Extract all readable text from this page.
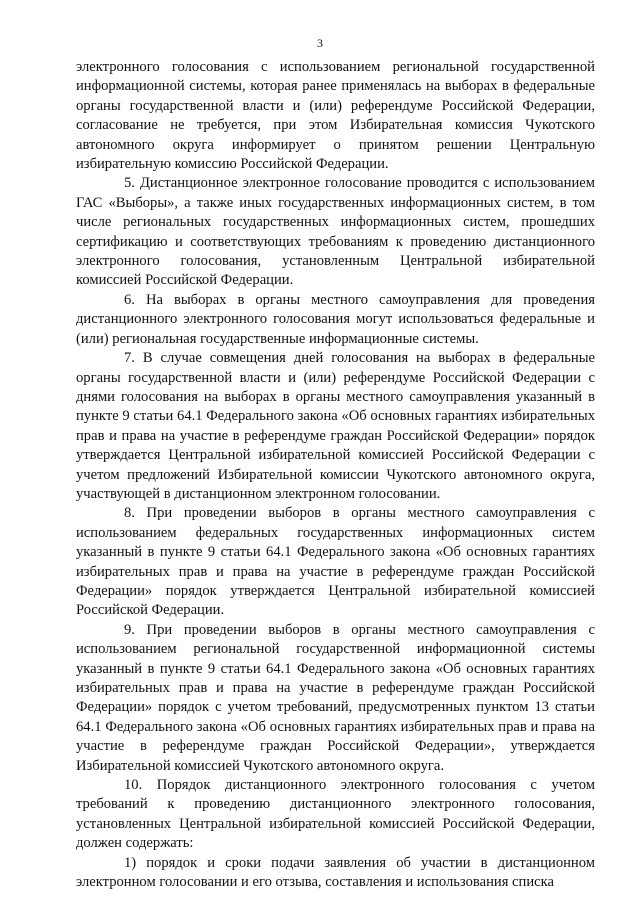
3

электронного голосования с использованием региональной государственной информационной системы, которая ранее применялась на выборах в федеральные органы государственной власти и (или) референдуме Российской Федерации, согласование не требуется, при этом Избирательная комиссия Чукотского автономного округа информирует о принятом решении Центральную избирательную комиссию Российской Федерации.

5. Дистанционное электронное голосование проводится с использованием ГАС «Выборы», а также иных государственных информационных систем, в том числе региональных государственных информационных систем, прошедших сертификацию и соответствующих требованиям к проведению дистанционного электронного голосования, установленным Центральной избирательной комиссией Российской Федерации.

6. На выборах в органы местного самоуправления для проведения дистанционного электронного голосования могут использоваться федеральные и (или) региональная государственные информационные системы.

7. В случае совмещения дней голосования на выборах в федеральные органы государственной власти и (или) референдуме Российской Федерации с днями голосования на выборах в органы местного самоуправления указанный в пункте 9 статьи 64.1 Федерального закона «Об основных гарантиях избирательных прав и права на участие в референдуме граждан Российской Федерации» порядок утверждается Центральной избирательной комиссией Российской Федерации с учетом предложений Избирательной комиссии Чукотского автономного округа, участвующей в дистанционном электронном голосовании.

8. При проведении выборов в органы местного самоуправления с использованием федеральных государственных информационных систем указанный в пункте 9 статьи 64.1 Федерального закона «Об основных гарантиях избирательных прав и права на участие в референдуме граждан Российской Федерации» порядок утверждается Центральной избирательной комиссией Российской Федерации.

9. При проведении выборов в органы местного самоуправления с использованием региональной государственной информационной системы указанный в пункте 9 статьи 64.1 Федерального закона «Об основных гарантиях избирательных прав и права на участие в референдуме граждан Российской Федерации» порядок с учетом требований, предусмотренных пунктом 13 статьи 64.1 Федерального закона «Об основных гарантиях избирательных прав и права на участие в референдуме граждан Российской Федерации», утверждается Избирательной комиссией Чукотского автономного округа.

10. Порядок дистанционного электронного голосования с учетом требований к проведению дистанционного электронного голосования, установленных Центральной избирательной комиссией Российской Федерации, должен содержать:

1) порядок и сроки подачи заявления об участии в дистанционном электронном голосовании и его отзыва, составления и использования списка
